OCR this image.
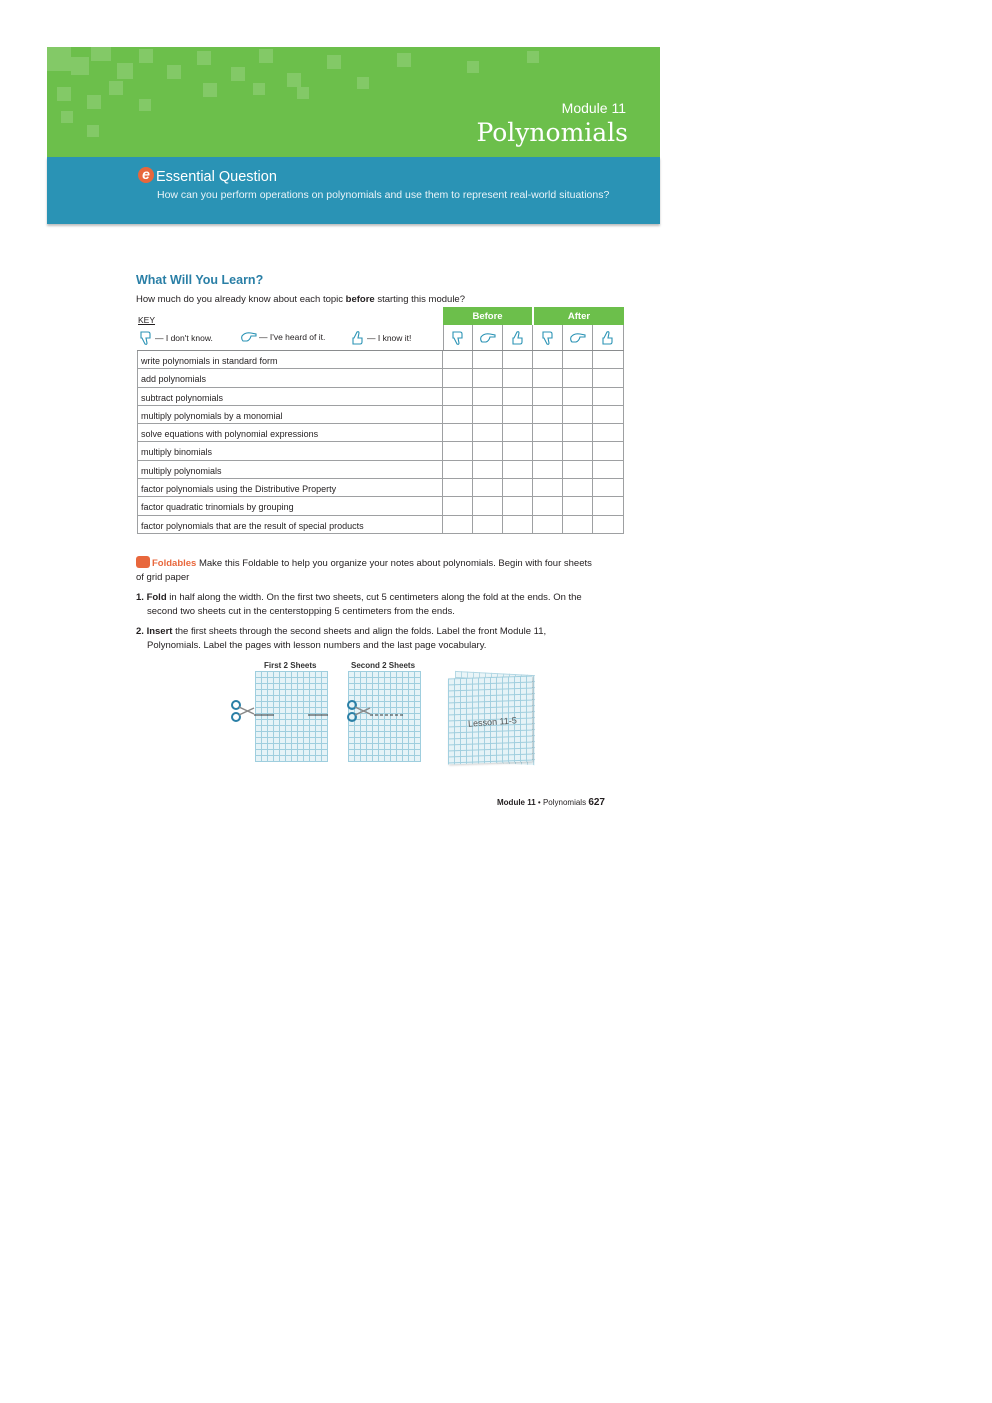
Module 11
Polynomials
e Essential Question
How can you perform operations on polynomials and use them to represent real-world situations?
What Will You Learn?
How much do you already know about each topic before starting this module?
KEY
— I don't know.	— I've heard of it.	— I know it!
Before	After
write polynomials in standard form
add polynomials
subtract polynomials
multiply polynomials by a monomial
solve equations with polynomial expressions
multiply binomials
multiply polynomials
factor polynomials using the Distributive Property
factor quadratic trinomials by grouping
factor polynomials that are the result of special products
Foldables Make this Foldable to help you organize your notes about polynomials. Begin with four sheets of grid paper
1. Fold in half along the width. On the first two sheets, cut 5 centimeters along the fold at the ends. On the second two sheets cut in the centerstopping 5 centimeters from the ends.
2. Insert the first sheets through the second sheets and align the folds. Label the front Module 11, Polynomials. Label the pages with lesson numbers and the last page vocabulary.
First 2 Sheets	Second 2 Sheets
Lesson 11-5
Module 11 • Polynomials 627
